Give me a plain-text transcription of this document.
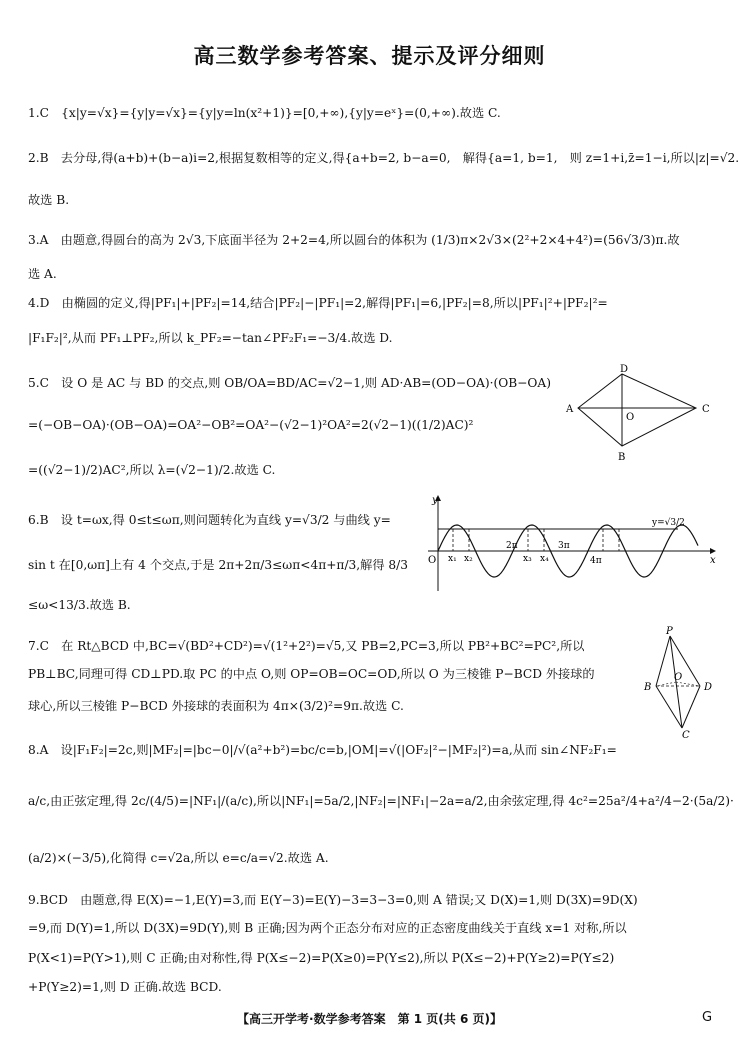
高三数学参考答案、提示及评分细则
1.C　{x|y=√x}={y|y=√x}={y|y=ln(x²+1)}=[0,+∞),{y|y=eˣ}=(0,+∞).故选 C.
2.B　去分母,得(a+b)+(b−a)i=2,根据复数相等的定义,得{a+b=2, b−a=0,　解得{a=1, b=1,　则 z=1+i,z̄=1−i,所以|z|=√2.
故选 B.
3.A　由题意,得圆台的高为 2√3,下底面半径为 2+2=4,所以圆台的体积为 (1/3)π×2√3×(2²+2×4+4²)=(56√3/3)π.故
选 A.
4.D　由椭圆的定义,得|PF₁|+|PF₂|=14,结合|PF₂|−|PF₁|=2,解得|PF₁|=6,|PF₂|=8,所以|PF₁|²+|PF₂|²=
|F₁F₂|²,从而 PF₁⊥PF₂,所以 k_PF₂=−tan∠PF₂F₁=−3/4.故选 D.
5.C　设 O 是 AC 与 BD 的交点,则 OB/OA=BD/AC=√2−1,则 AD·AB=(OD−OA)·(OB−OA)
=(−OB−OA)·(OB−OA)=OA²−OB²=OA²−(√2−1)²OA²=2(√2−1)((1/2)AC)²
=((√2−1)/2)AC²,所以 λ=(√2−1)/2.故选 C.
6.B　设 t=ωx,得 0≤t≤ωπ,则问题转化为直线 y=√3/2 与曲线 y=
sin t 在[0,ωπ]上有 4 个交点,于是 2π+2π/3≤ωπ<4π+π/3,解得 8/3
≤ω<13/3.故选 B.
7.C　在 Rt△BCD 中,BC=√(BD²+CD²)=√(1²+2²)=√5,又 PB=2,PC=3,所以 PB²+BC²=PC²,所以
PB⊥BC,同理可得 CD⊥PD.取 PC 的中点 O,则 OP=OB=OC=OD,所以 O 为三棱锥 P−BCD 外接球的
球心,所以三棱锥 P−BCD 外接球的表面积为 4π×(3/2)²=9π.故选 C.
8.A　设|F₁F₂|=2c,则|MF₂|=|bc−0|/√(a²+b²)=bc/c=b,|OM|=√(|OF₂|²−|MF₂|²)=a,从而 sin∠NF₂F₁=
a/c,由正弦定理,得 2c/(4/5)=|NF₁|/(a/c),所以|NF₁|=5a/2,|NF₂|=|NF₁|−2a=a/2,由余弦定理,得 4c²=25a²/4+a²/4−2·(5a/2)·
(a/2)×(−3/5),化简得 c=√2a,所以 e=c/a=√2.故选 A.
9.BCD　由题意,得 E(X)=−1,E(Y)=3,而 E(Y−3)=E(Y)−3=3−3=0,则 A 错误;又 D(X)=1,则 D(3X)=9D(X)
=9,而 D(Y)=1,所以 D(3X)=9D(Y),则 B 正确;因为两个正态分布对应的正态密度曲线关于直线 x=1 对称,所以
P(X<1)=P(Y>1),则 C 正确;由对称性,得 P(X≤−2)=P(X≥0)=P(Y≤2),所以 P(X≤−2)+P(Y≥2)=P(Y≤2)
+P(Y≥2)=1,则 D 正确.故选 BCD.
A
B
C
D
O
y
x
O x₁ x₂
2π
x₃ x₄
3π
4π
y=√3/2
P
B
O
D
C
【高三开学考·数学参考答案　第 1 页(共 6 页)】	G
